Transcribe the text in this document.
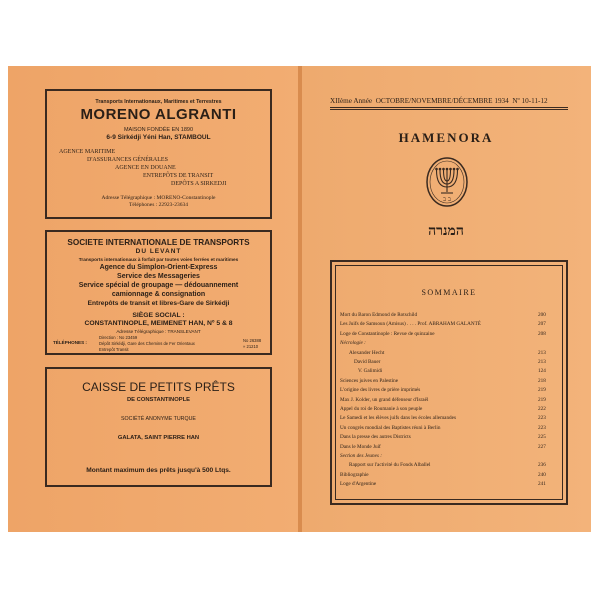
Transports Internationaux, Maritimes et Terrestres
MORENO ALGRANTI
MAISON FONDÉE EN 1890
6-9 Sirkédji Yéni Han, STAMBOUL
AGENCE MARITIME
D'ASSURANCES GÉNÉRALES
AGENCE EN DOUANE
ENTREPÔTS DE TRANSIT
DEPÔTS A SIRKEDJI
Adresse Télégraphique : MORENO-Constantinople
Téléphones : 22923-23634
SOCIETE INTERNATIONALE DE TRANSPORTS
DU LEVANT
Transports internationaux à forfait par toutes voies ferrées et maritimes
Agence du Simplon-Orient-Express
Service des Messageries
Service spécial de groupage — dédouannement
camionnage & consignation
Entrepôts de transit et libres-Gare de Sirkédji
SIÈGE SOCIAL :
CONSTANTINOPLE, MEIMENET HAN, Nº 5 & 8
Adresse Télégraphique : TRANSLEVANT
TÉLÉPHONES :
Direction : No 23459
Dépôt Sirkédji, Gare des Chemins de Fer Orientaux
Entrepôt Transit
No 26388
» 21210
CAISSE DE PETITS PRÊTS
DE CONSTANTINOPLE
SOCIÉTÉ ANONYME TURQUE
GALATA, SAINT PIERRE HAN
Montant maximum des prêts jusqu'à 500 Ltqs.
XIIème Année OCTOBRE/NOVEMBRE/DÉCEMBRE 1934 Nº 10-11-12
HAMENORA
ב ב
המנרה
SOMMAIRE
Mort du Baron Edmond de Rotschild	200
Les Juifs de Samsoun (Amisus) . . . . Prof. ABRAHAM GALANTÉ	207
Loge de Constantinople : Revue de quinzaine	208
Nécrologie :
Alexander Hecht	213
David Bauer	213
V. Galimidi	124
Sciences juives en Palestine	218
L'origine des livres de prière imprimés	219
Max J. Kolder, un grand défenseur d'Israël	219
Appel du roi de Roumanie à son peuple	222
Le Samedi et les élèves juifs dans les écoles allemandes	223
Un congrès mondial des Baptistes réuni à Berlin	223
Dans la presse des autres Districts	225
Dans le Monde Juif	227
Section des Jeunes :
Rapport sur l'activité du Fonds Alballel	236
Bibliographie	240
Loge d'Argentine	241
